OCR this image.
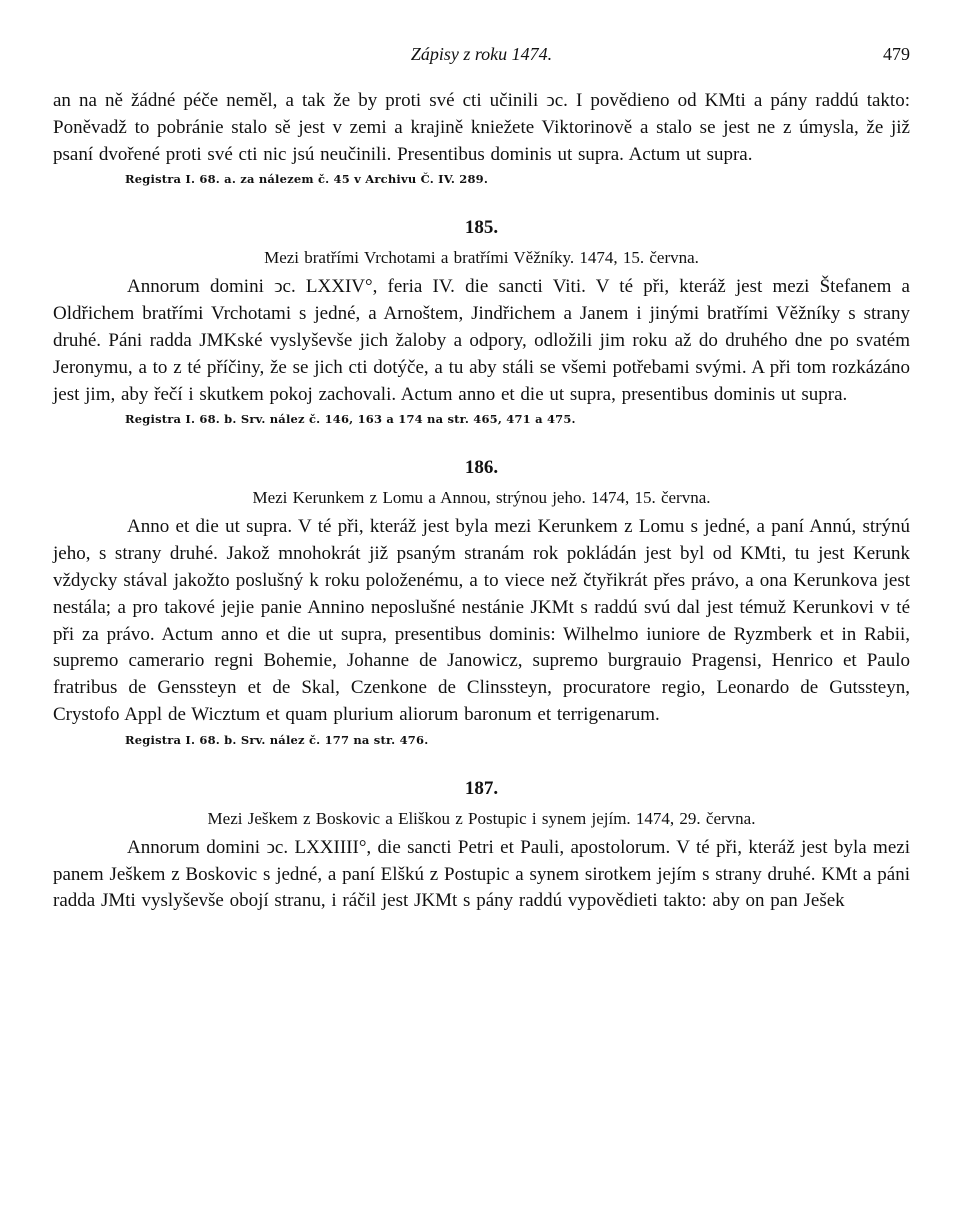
Zápisy z roku 1474.	479

an na ně žádné péče neměl, a tak že by proti své cti učinili ͻc. I povědieno od KMti a pány raddú takto: Poněvadž to pobránie stalo sě jest v zemi a krajině kniežete Viktorinově a stalo se jest ne z úmysla, že již psaní dvořené proti své cti nic jsú neučinili. Presentibus dominis ut supra. Actum ut supra.

Registra I. 68. a. za nálezem č. 45 v Archivu Č. IV. 289.
185.
Mezi bratřími Vrchotami a bratřími Věžníky. 1474, 15. června.

Annorum domini ͻc. LXXIV°, feria IV. die sancti Viti. V té při, kteráž jest mezi Štefanem a Oldřichem bratřími Vrchotami s jedné, a Arnoštem, Jindřichem a Janem i jinými bratřími Věžníky s strany druhé. Páni radda JMKské vyslyševše jich žaloby a odpory, odložili jim roku až do druhého dne po svatém Jeronymu, a to z té příčiny, že se jich cti dotýče, a tu aby stáli se všemi potřebami svými. A při tom rozkázáno jest jim, aby řečí i skutkem pokoj zachovali. Actum anno et die ut supra, presentibus dominis ut supra.

Registra I. 68. b. Srv. nález č. 146, 163 a 174 na str. 465, 471 a 475.
186.
Mezi Kerunkem z Lomu a Annou, strýnou jeho. 1474, 15. června.

Anno et die ut supra. V té při, kteráž jest byla mezi Kerunkem z Lomu s jedné, a paní Annú, strýnú jeho, s strany druhé. Jakož mnohokrát již psaným stranám rok pokládán jest byl od KMti, tu jest Kerunk vždycky stával jakožto poslušný k roku položenému, a to viece než čtyřikrát přes právo, a ona Kerunkova jest nestála; a pro takové jejie panie Annino neposlušné nestánie JKMt s raddú svú dal jest témuž Kerunkovi v té při za právo. Actum anno et die ut supra, presentibus dominis: Wilhelmo iuniore de Ryzmberk et in Rabii, supremo camerario regni Bohemie, Johanne de Janowicz, supremo burgrauio Pragensi, Henrico et Paulo fratribus de Genssteyn et de Skal, Czenkone de Clinssteyn, procuratore regio, Leonardo de Gutssteyn, Crystofo Appl de Wicztum et quam plurium aliorum baronum et terrigenarum.

Registra I. 68. b. Srv. nález č. 177 na str. 476.
187.
Mezi Ješkem z Boskovic a Eliškou z Postupic i synem jejím. 1474, 29. června.

Annorum domini ͻc. LXXIIII°, die sancti Petri et Pauli, apostolorum. V té při, kteráž jest byla mezi panem Ješkem z Boskovic s jedné, a paní Elškú z Postupic a synem sirotkem jejím s strany druhé. KMt a páni radda JMti vyslyševše obojí stranu, i ráčil jest JKMt s pány raddú vypovědieti takto: aby on pan Ješek
